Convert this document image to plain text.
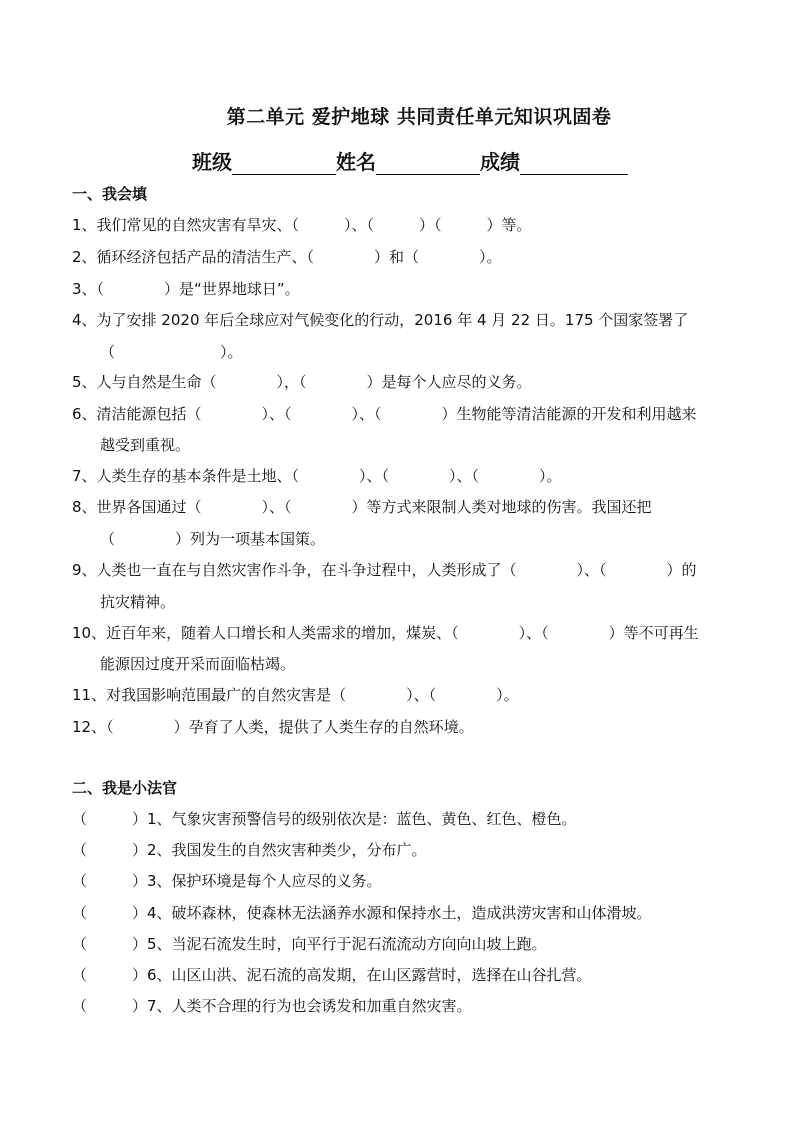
第二单元 爱护地球 共同责任单元知识巩固卷
班级	姓名	成绩
一、我会填
1、我们常见的自然灾害有旱灾、（　　　）、（　　　）（　　　）等。
2、循环经济包括产品的清洁生产、（　　　　）和（　　　　）。
3、（　　　　）是“世界地球日”。
4、为了安排 2020 年后全球应对气候变化的行动，2016 年 4 月 22 日。175 个国家签署了
（　　　　　　　）。
5、人与自然是生命（　　　　），（　　　　）是每个人应尽的义务。
6、清洁能源包括（　　　　）、（　　　　）、（　　　　）生物能等清洁能源的开发和利用越来
越受到重视。
7、人类生存的基本条件是土地、（　　　　）、（　　　　）、（　　　　）。
8、世界各国通过（　　　　）、（　　　　）等方式来限制人类对地球的伤害。我国还把
（　　　　）列为一项基本国策。
9、人类也一直在与自然灾害作斗争，在斗争过程中，人类形成了（　　　　）、（　　　　）的
抗灾精神。
10、近百年来，随着人口增长和人类需求的增加，煤炭、（　　　　）、（　　　　）等不可再生
能源因过度开采而面临枯竭。
11、对我国影响范围最广的自然灾害是（　　　　）、（　　　　）。
12、（　　　　）孕育了人类，提供了人类生存的自然环境。
二、我是小法官
（　　　）1、气象灾害预警信号的级别依次是：蓝色、黄色、红色、橙色。
（　　　）2、我国发生的自然灾害种类少，分布广。
（　　　）3、保护环境是每个人应尽的义务。
（　　　）4、破坏森林，使森林无法涵养水源和保持水土，造成洪涝灾害和山体滑坡。
（　　　）5、当泥石流发生时，向平行于泥石流流动方向向山坡上跑。
（　　　）6、山区山洪、泥石流的高发期，在山区露营时，选择在山谷扎营。
（　　　）7、人类不合理的行为也会诱发和加重自然灾害。
